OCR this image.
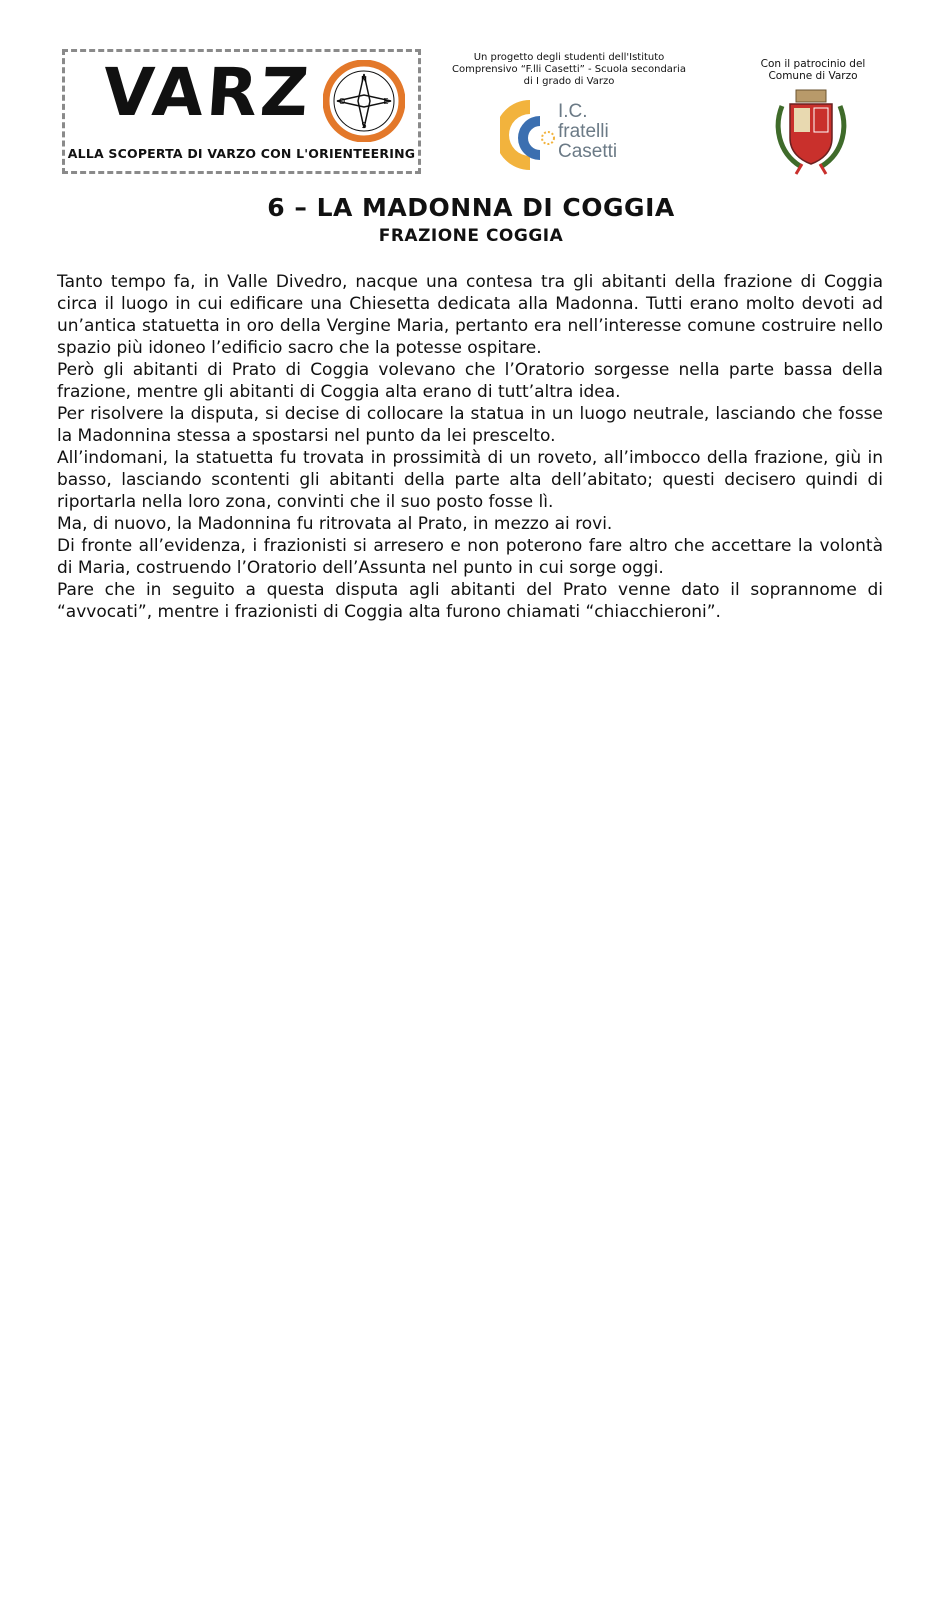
VARZ	N
S
E
O
ALLA SCOPERTA DI VARZO CON L'ORIENTEERING
Un progetto degli studenti dell'Istituto Comprensivo “F.lli Casetti” - Scuola secondaria di I grado di Varzo
I.C.
fratelli
Casetti
Con il patrocinio del Comune di Varzo
6 – LA MADONNA DI COGGIA
FRAZIONE COGGIA

Tanto tempo fa, in Valle Divedro, nacque una contesa tra gli abitanti della frazione di Coggia circa il luogo in cui edificare una Chiesetta dedicata alla Madonna. Tutti erano molto devoti ad un’antica statuetta in oro della Vergine Maria, pertanto era nell’interesse comune costruire nello spazio più idoneo l’edificio sacro che la potesse ospitare.

Però gli abitanti di Prato di Coggia volevano che l’Oratorio sorgesse nella parte bassa della frazione, mentre gli abitanti di Coggia alta erano di tutt’altra idea.

Per risolvere la disputa, si decise di collocare la statua in un luogo neutrale, lasciando che fosse la Madonnina stessa a spostarsi nel punto da lei prescelto.

All’indomani, la statuetta fu trovata in prossimità di un roveto, all’imbocco della frazione, giù in basso, lasciando scontenti gli abitanti della parte alta dell’abitato; questi decisero quindi di riportarla nella loro zona, convinti che il suo posto fosse lì.

Ma, di nuovo, la Madonnina fu ritrovata al Prato, in mezzo ai rovi.

Di fronte all’evidenza, i frazionisti si arresero e non poterono fare altro che accettare la volontà di Maria, costruendo l’Oratorio dell’Assunta nel punto in cui sorge oggi.

Pare che in seguito a questa disputa agli abitanti del Prato venne dato il soprannome di “avvocati”, mentre i frazionisti di Coggia alta furono chiamati “chiacchieroni”.
